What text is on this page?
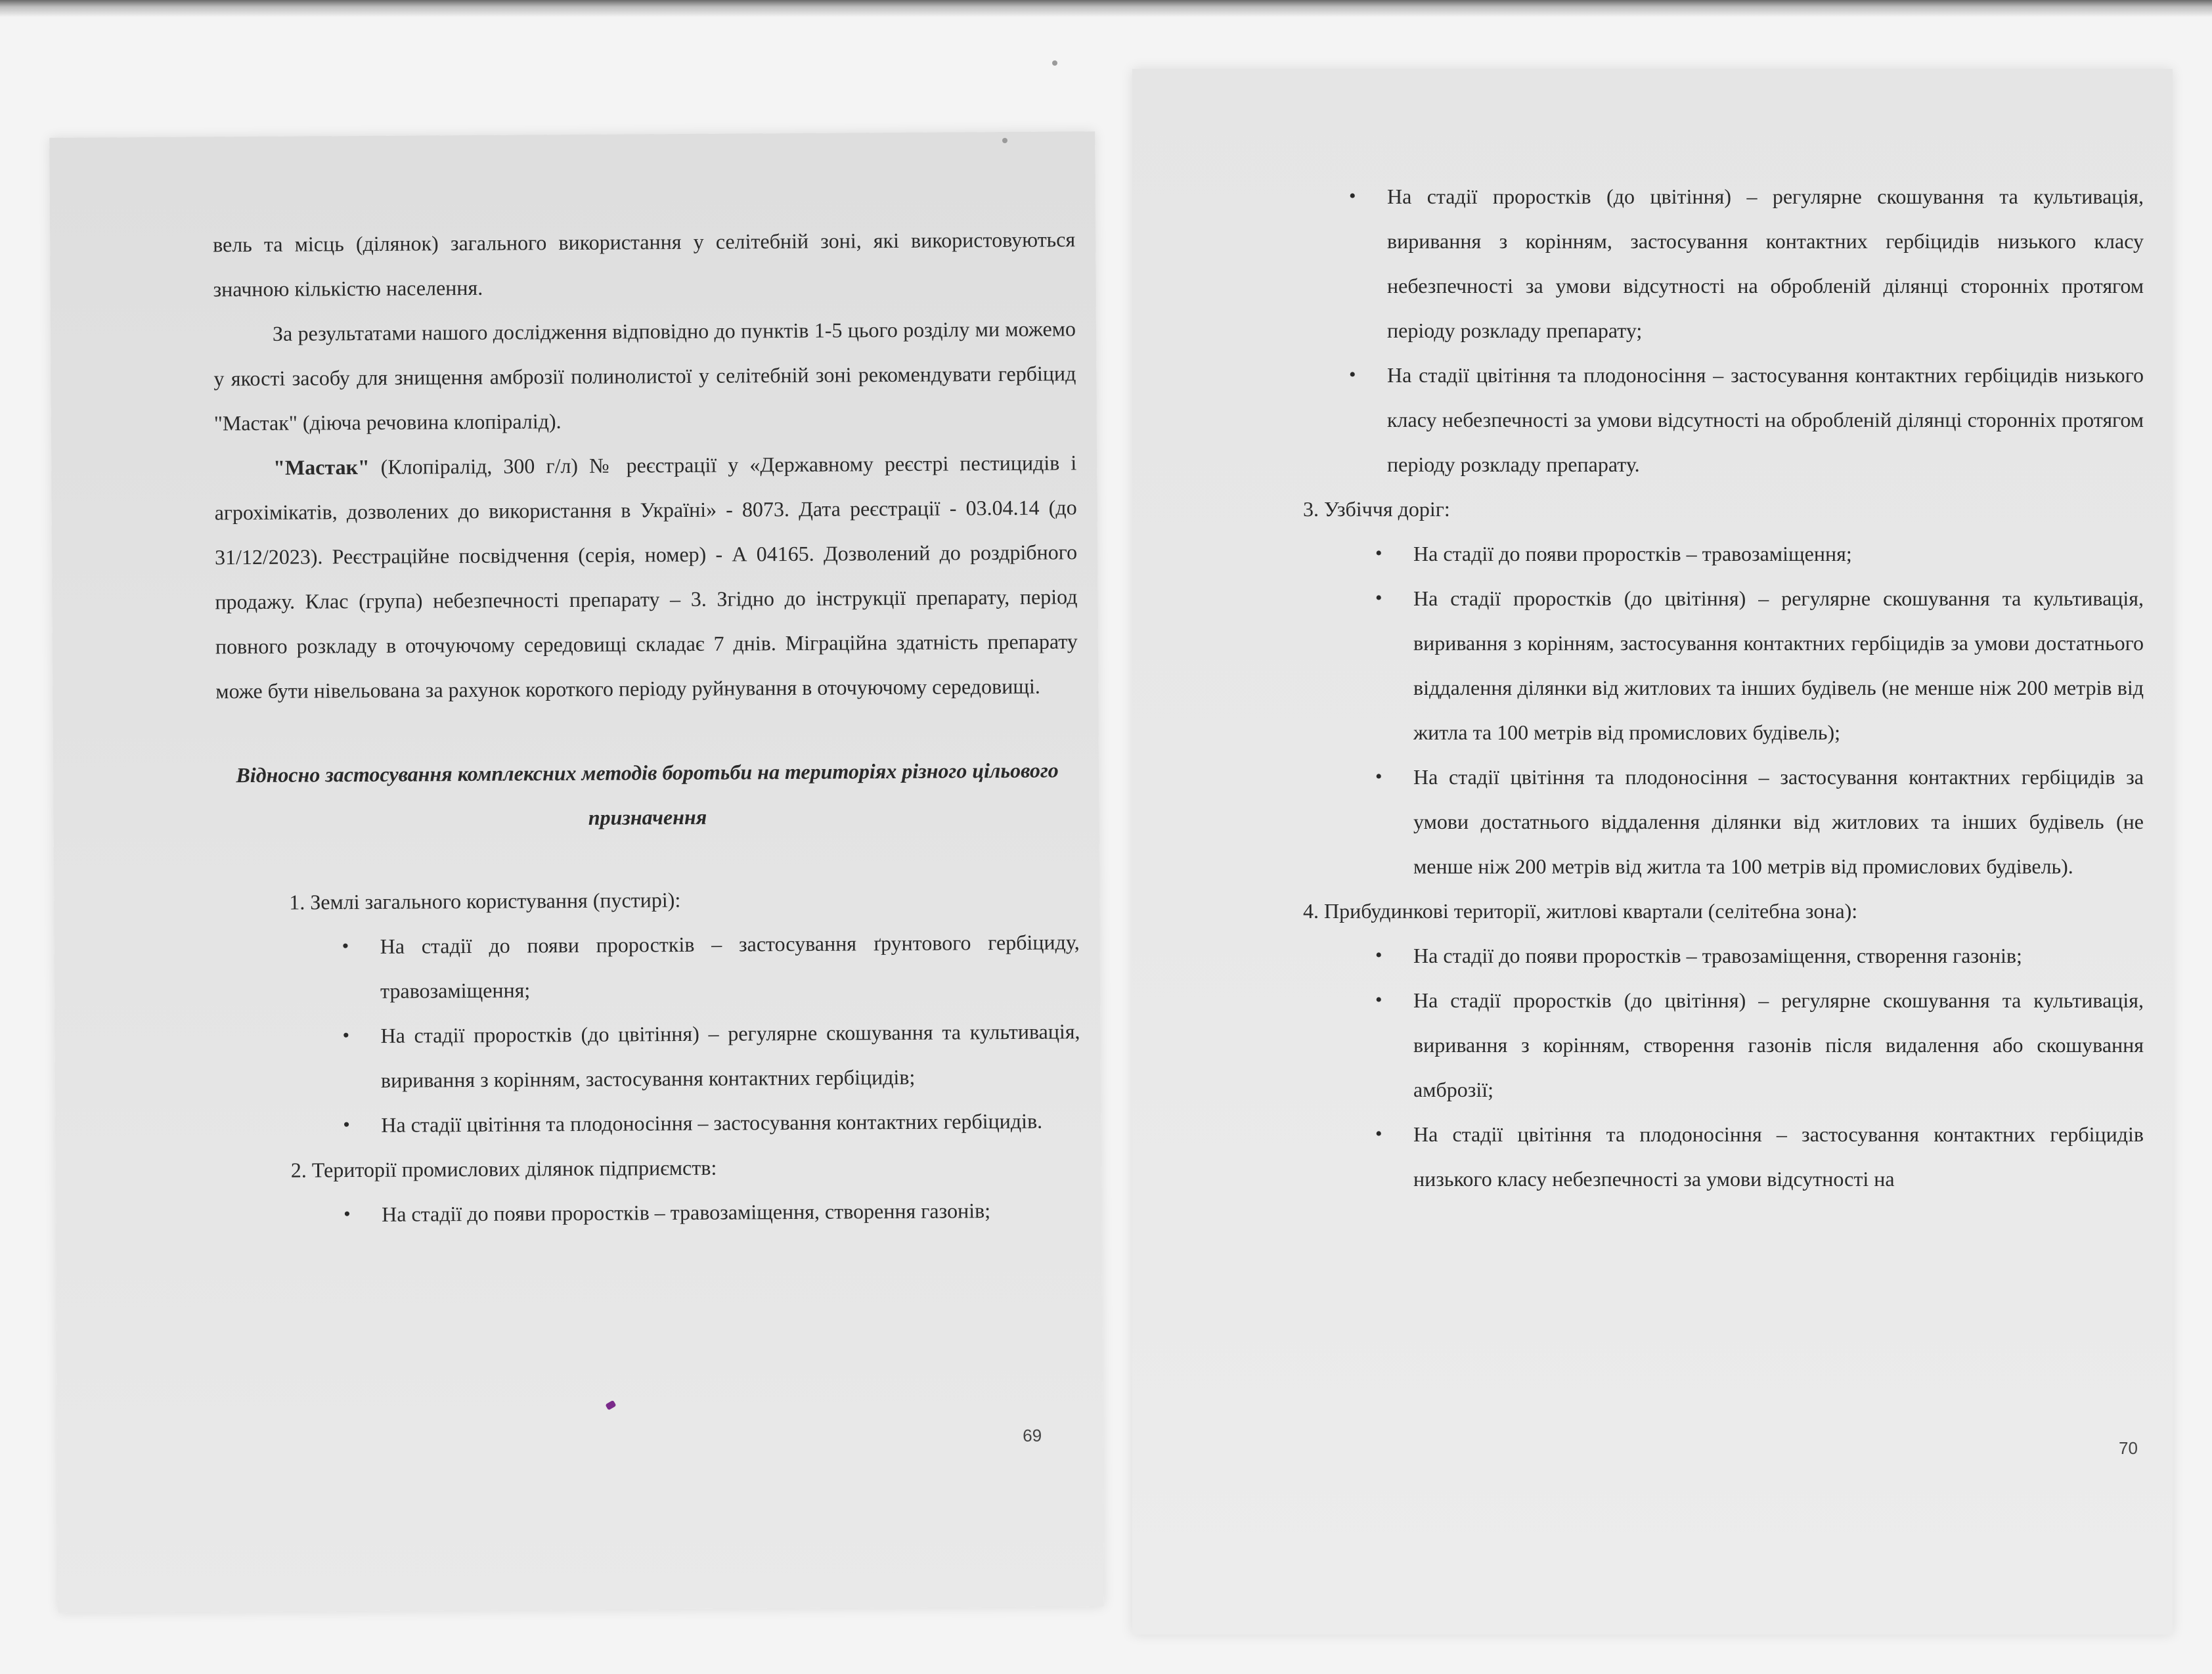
вель та місць (ділянок) загального використання у селітебній зоні, які використовуються значною кількістю населення.

За результатами нашого дослідження відповідно до пунктів 1-5 цього розділу ми можемо у якості засобу для знищення амброзії полинолистої у селітебній зоні рекомендувати гербіцид "Мастак" (діюча речовина клопіралід).

"Мастак" (Клопіралід, 300 г/л) № реєстрації у «Державному реєстрі пестицидів і агрохімікатів, дозволених до використання в Україні» - 8073. Дата реєстрації - 03.04.14 (до 31/12/2023). Реєстраційне посвідчення (серія, номер) - А 04165. Дозволений до роздрібного продажу. Клас (група) небезпечності препарату – 3. Згідно до інструкції препарату, період повного розкладу в оточуючому середовищі складає 7 днів. Міграційна здатність препарату може бути нівельована за рахунок короткого періоду руйнування в оточуючому середовищі.

Відносно застосування комплексних методів боротьби на територіях різного цільового призначення

1. Землі загального користування (пустирі):

• На стадії до появи проростків – застосування ґрунтового гербіциду, травозаміщення;
• На стадії проростків (до цвітіння) – регулярне скошування та культивація, виривання з корінням, застосування контактних гербіцидів;
• На стадії цвітіння та плодоносіння – застосування контактних гербіцидів.

2. Території промислових ділянок підприємств:

• На стадії до появи проростків – травозаміщення, створення газонів;
69
• На стадії проростків (до цвітіння) – регулярне скошування та культивація, виривання з корінням, застосування контактних гербіцидів низького класу небезпечності за умови відсутності на обробленій ділянці сторонніх протягом періоду розкладу препарату;
• На стадії цвітіння та плодоносіння – застосування контактних гербіцидів низького класу небезпечності за умови відсутності на обробленій ділянці сторонніх протягом періоду розкладу препарату.

3. Узбіччя доріг:

• На стадії до появи проростків – травозаміщення;
• На стадії проростків (до цвітіння) – регулярне скошування та культивація, виривання з корінням, застосування контактних гербіцидів за умови достатнього віддалення ділянки від житлових та інших будівель (не менше ніж 200 метрів від житла та 100 метрів від промислових будівель);
• На стадії цвітіння та плодоносіння – застосування контактних гербіцидів за умови достатнього віддалення ділянки від житлових та інших будівель (не менше ніж 200 метрів від житла та 100 метрів від промислових будівель).

4. Прибудинкові території, житлові квартали (селітебна зона):

• На стадії до появи проростків – травозаміщення, створення газонів;
• На стадії проростків (до цвітіння) – регулярне скошування та культивація, виривання з корінням, створення газонів після видалення або скошування амброзії;
• На стадії цвітіння та плодоносіння – застосування контактних гербіцидів низького класу небезпечності за умови відсутності на
70
